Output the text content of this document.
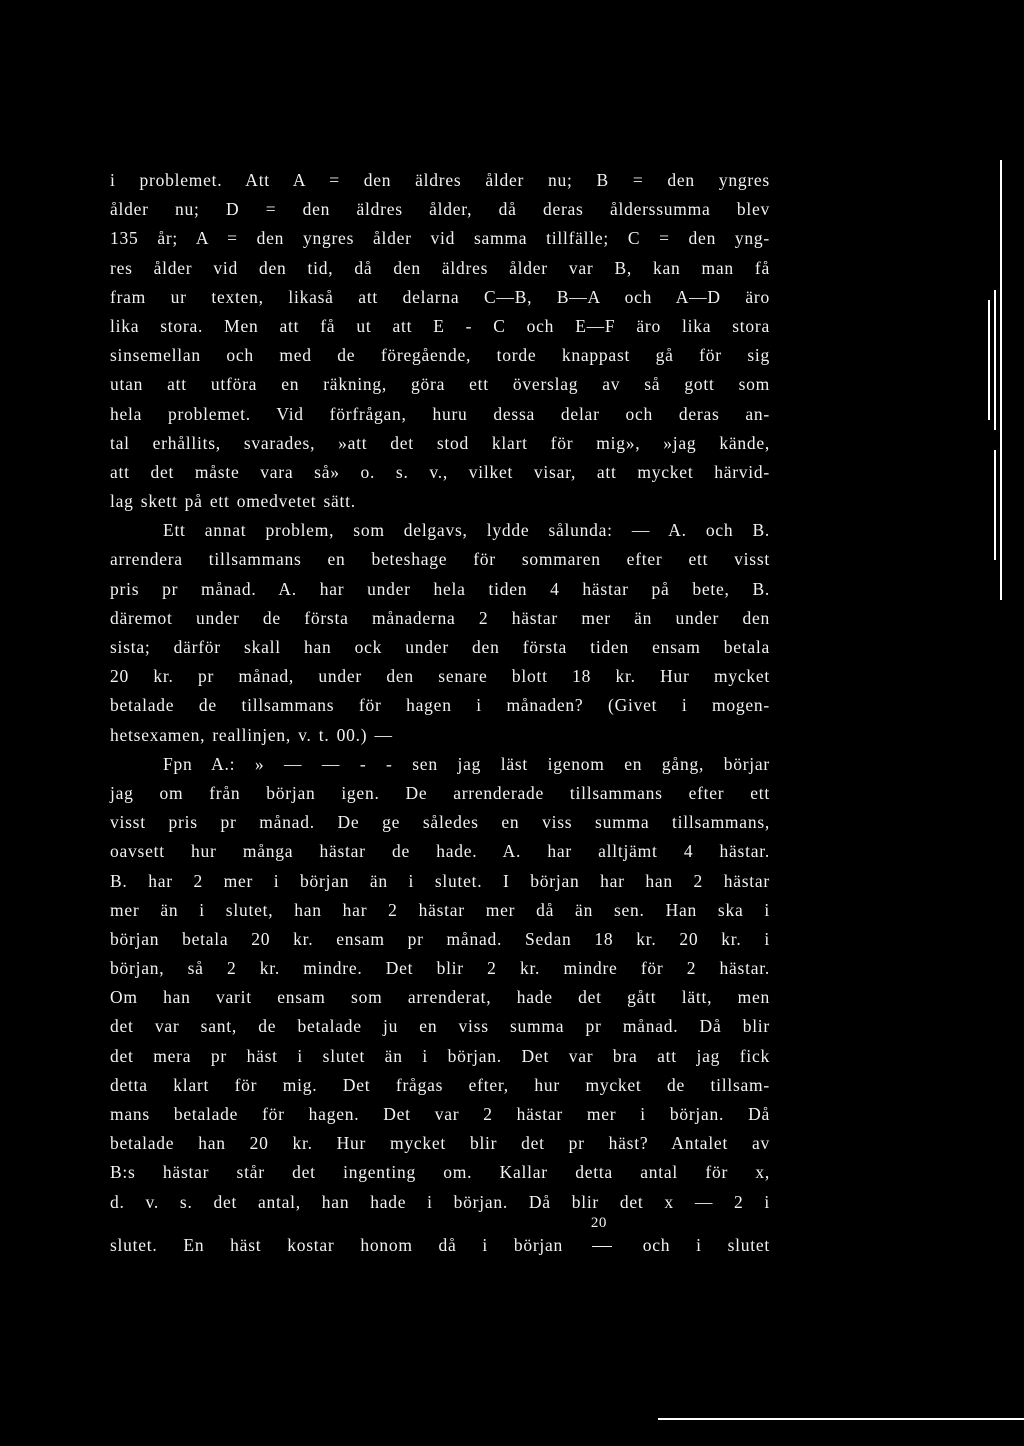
i problemet. Att A = den äldres ålder nu; B = den yngres
ålder nu; D = den äldres ålder, då deras ålderssumma blev
135 år; A = den yngres ålder vid samma tillfälle; C = den yng-
res ålder vid den tid, då den äldres ålder var B, kan man få
fram ur texten, likaså att delarna C—B, B—A och A—D äro
lika stora. Men att få ut att E - C och E—F äro lika stora
sinsemellan och med de föregående, torde knappast gå för sig
utan att utföra en räkning, göra ett överslag av så gott som
hela problemet. Vid förfrågan, huru dessa delar och deras an-
tal erhållits, svarades, »att det stod klart för mig», »jag kände,
att det måste vara så» o. s. v., vilket visar, att mycket härvid-
lag skett på ett omedvetet sätt.
Ett annat problem, som delgavs, lydde sålunda: — A. och B.
arrendera tillsammans en beteshage för sommaren efter ett visst
pris pr månad. A. har under hela tiden 4 hästar på bete, B.
däremot under de första månaderna 2 hästar mer än under den
sista; därför skall han ock under den första tiden ensam betala
20 kr. pr månad, under den senare blott 18 kr. Hur mycket
betalade de tillsammans för hagen i månaden? (Givet i mogen-
hetsexamen, reallinjen, v. t. 00.) —
Fpn A.: » — — - - sen jag läst igenom en gång, börjar
jag om från början igen. De arrenderade tillsammans efter ett
visst pris pr månad. De ge således en viss summa tillsammans,
oavsett hur många hästar de hade. A. har alltjämt 4 hästar.
B. har 2 mer i början än i slutet. I början har han 2 hästar
mer än i slutet, han har 2 hästar mer då än sen. Han ska i
början betala 20 kr. ensam pr månad. Sedan 18 kr. 20 kr. i
början, så 2 kr. mindre. Det blir 2 kr. mindre för 2 hästar.
Om han varit ensam som arrenderat, hade det gått lätt, men
det var sant, de betalade ju en viss summa pr månad. Då blir
det mera pr häst i slutet än i början. Det var bra att jag fick
detta klart för mig. Det frågas efter, hur mycket de tillsam-
mans betalade för hagen. Det var 2 hästar mer i början. Då
betalade han 20 kr. Hur mycket blir det pr häst? Antalet av
B:s hästar står det ingenting om. Kallar detta antal för x,
d. v. s. det antal, han hade i början. Då blir det x — 2 i
slutet. En häst kostar honom då i början
20
och i slutet
